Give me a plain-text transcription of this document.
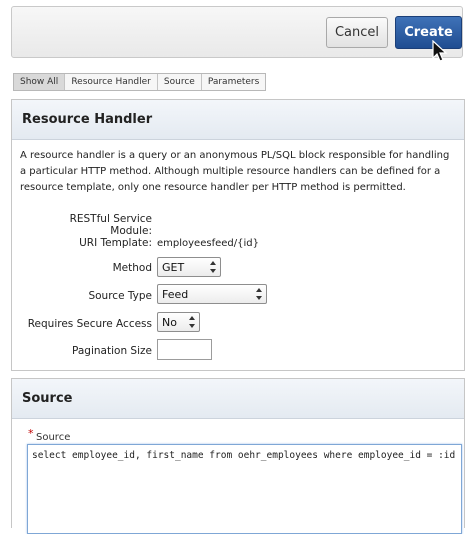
Cancel	Create
Show All	Resource Handler	Source	Parameters
Resource Handler
A resource handler is a query or an anonymous PL/SQL block responsible for handling a particular HTTP method. Although multiple resource handlers can be defined for a resource template, only one resource handler per HTTP method is permitted.
RESTful Service Module:
URI Template: employeesfeed/{id}
Method GET
Source Type Feed
Requires Secure Access No
Pagination Size
Source
* Source
select employee_id, first_name from oehr_employees where employee_id = :id
